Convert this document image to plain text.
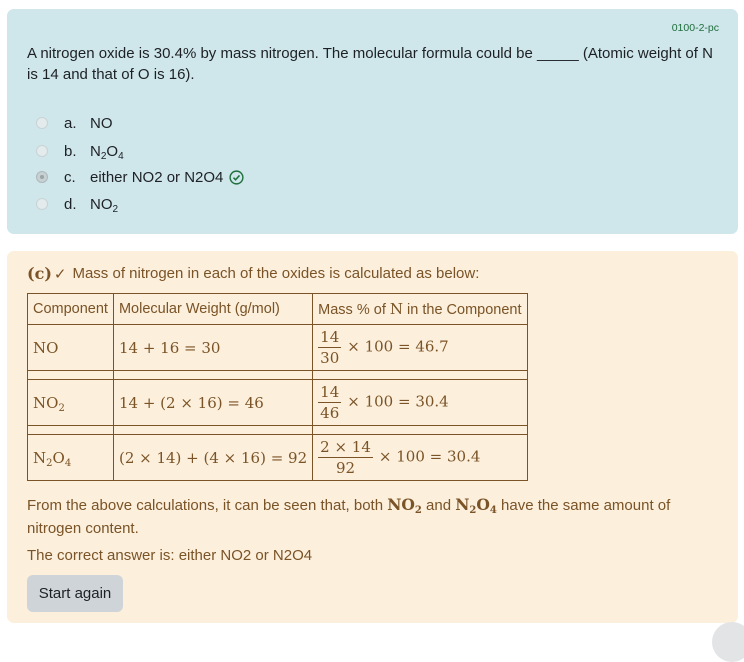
0100-2-pc
A nitrogen oxide is 30.4% by mass nitrogen. The molecular formula could be _____ (Atomic weight of N is 14 and that of O is 16).
a. NO
b. $N_2O_4$
c. either NO2 or N2O4
d. $NO_2$
(c) ✓ Mass of nitrogen in each of the oxides is calculated as below:
Component	Molecular Weight (g/mol)	Mass % of N in the Component
NO	14 + 16 = 30	$\frac{14}{30} \times 100 = 46.7$

$NO_2$	14 + (2 × 16) = 46	$\frac{14}{46} \times 100 = 30.4$

$N_2O_4$	(2 × 14) + (4 × 16) = 92	$\frac{2 \times 14}{92} \times 100 = 30.4$
From the above calculations, it can be seen that, both $NO_2$ and $N_2O_4$ have the same amount of nitrogen content.
The correct answer is: either NO2 or N2O4
Start again
